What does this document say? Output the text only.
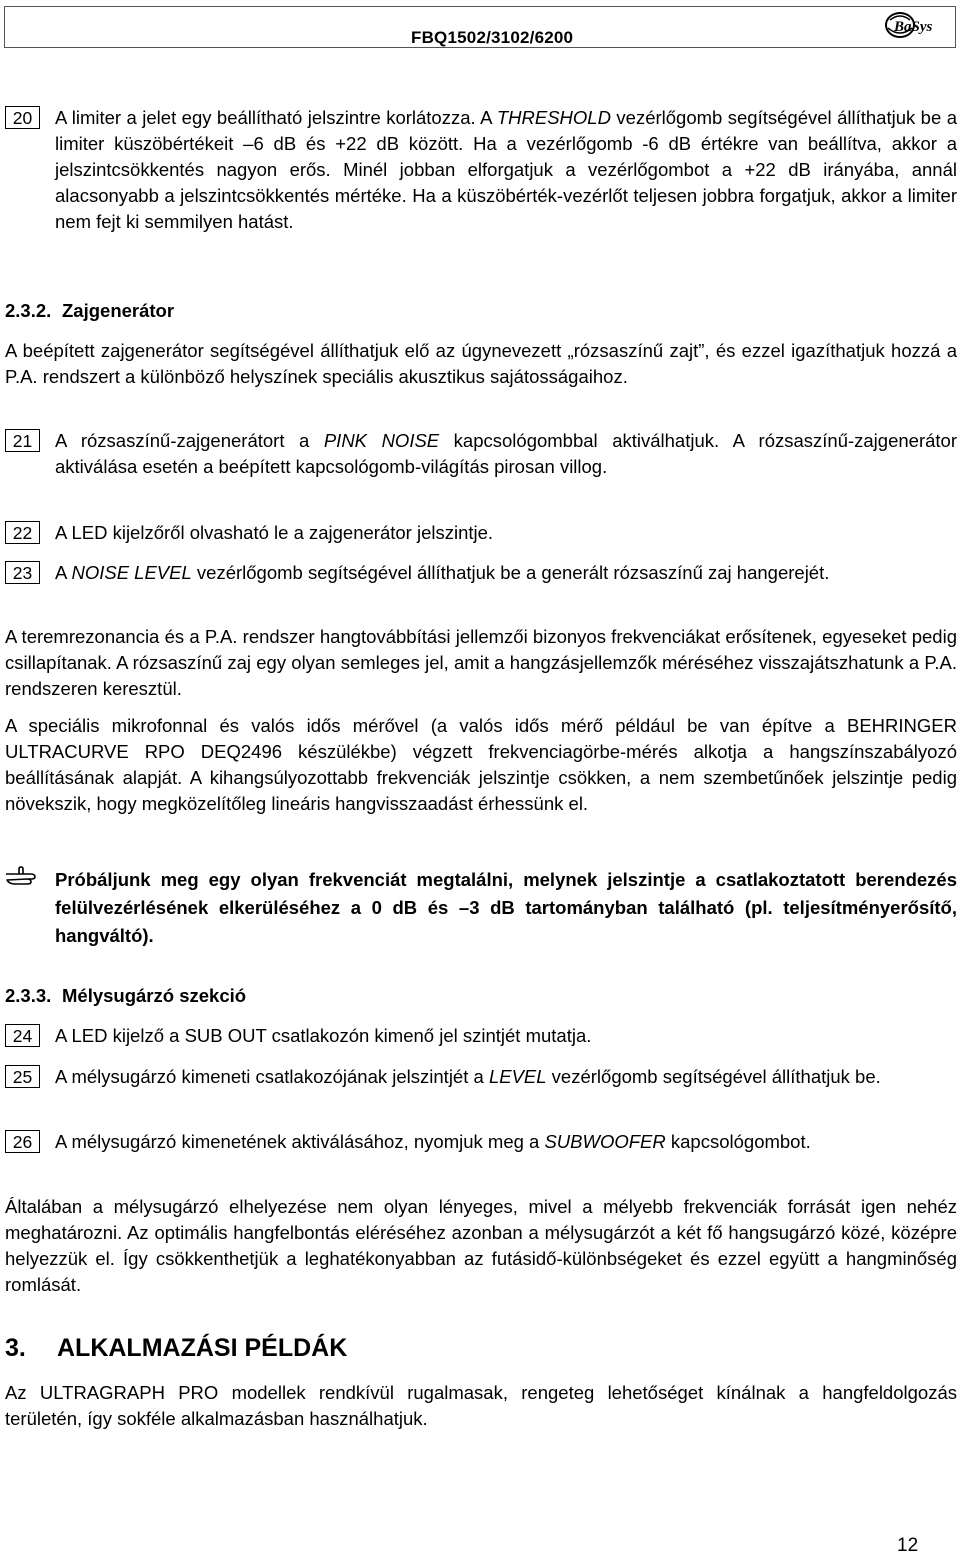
FBQ1502/3102/6200
BaSys
20	A limiter a jelet egy beállítható jelszintre korlátozza. A THRESHOLD vezérlőgomb segítségével állíthatjuk be a limiter küszöbértékeit –6 dB és +22 dB között. Ha a vezérlőgomb -6 dB értékre van beállítva, akkor a jelszintcsökkentés nagyon erős. Minél jobban elforgatjuk a vezérlőgombot a +22 dB irányába, annál alacsonyabb a jelszintcsökkentés mértéke. Ha a küszöbérték-vezérlőt teljesen jobbra forgatjuk, akkor a limiter nem fejt ki semmilyen hatást.
2.3.2. Zajgenerátor

A beépített zajgenerátor segítségével állíthatjuk elő az úgynevezett „rózsaszínű zajt”, és ezzel igazíthatjuk hozzá a P.A. rendszert a különböző helyszínek speciális akusztikus sajátosságaihoz.

21	A rózsaszínű-zajgenerátort a PINK NOISE kapcsológombbal aktiválhatjuk. A rózsaszínű-zajgenerátor aktiválása esetén a beépített kapcsológomb-világítás pirosan villog.
22	A LED kijelzőről olvasható le a zajgenerátor jelszintje.
23	A NOISE LEVEL vezérlőgomb segítségével állíthatjuk be a generált rózsaszínű zaj hangerejét.

A teremrezonancia és a P.A. rendszer hangtovábbítási jellemzői bizonyos frekvenciákat erősítenek, egyeseket pedig csillapítanak. A rózsaszínű zaj egy olyan semleges jel, amit a hangzásjellemzők méréséhez visszajátszhatunk a P.A. rendszeren keresztül.

A speciális mikrofonnal és valós idős mérővel (a valós idős mérő például be van építve a BEHRINGER ULTRACURVE RPO DEQ2496 készülékbe) végzett frekvenciagörbe-mérés alkotja a hangszínszabályozó beállításának alapját. A kihangsúlyozottabb frekvenciák jelszintje csökken, a nem szembetűnőek jelszintje pedig növekszik, hogy megközelítőleg lineáris hangvisszaadást érhessünk el.

Próbáljunk meg egy olyan frekvenciát megtalálni, melynek jelszintje a csatlakoztatott berendezés felülvezérlésének elkerüléséhez a 0 dB és –3 dB tartományban található (pl. teljesítményerősítő, hangváltó).
2.3.3. Mélysugárzó szekció
24	A LED kijelző a SUB OUT csatlakozón kimenő jel szintjét mutatja.
25	A mélysugárzó kimeneti csatlakozójának jelszintjét a LEVEL vezérlőgomb segítségével állíthatjuk be.
26	A mélysugárzó kimenetének aktiválásához, nyomjuk meg a SUBWOOFER kapcsológombot.

Általában a mélysugárzó elhelyezése nem olyan lényeges, mivel a mélyebb frekvenciák forrását igen nehéz meghatározni. Az optimális hangfelbontás eléréséhez azonban a mélysugárzót a két fő hangsugárzó közé, középre helyezzük el. Így csökkenthetjük a leghatékonyabban az futásidő-különbségeket és ezzel együtt a hangminőség romlását.

3. ALKALMAZÁSI PÉLDÁK

Az ULTRAGRAPH PRO modellek rendkívül rugalmasak, rengeteg lehetőséget kínálnak a hangfeldolgozás területén, így sokféle alkalmazásban használhatjuk.

12
